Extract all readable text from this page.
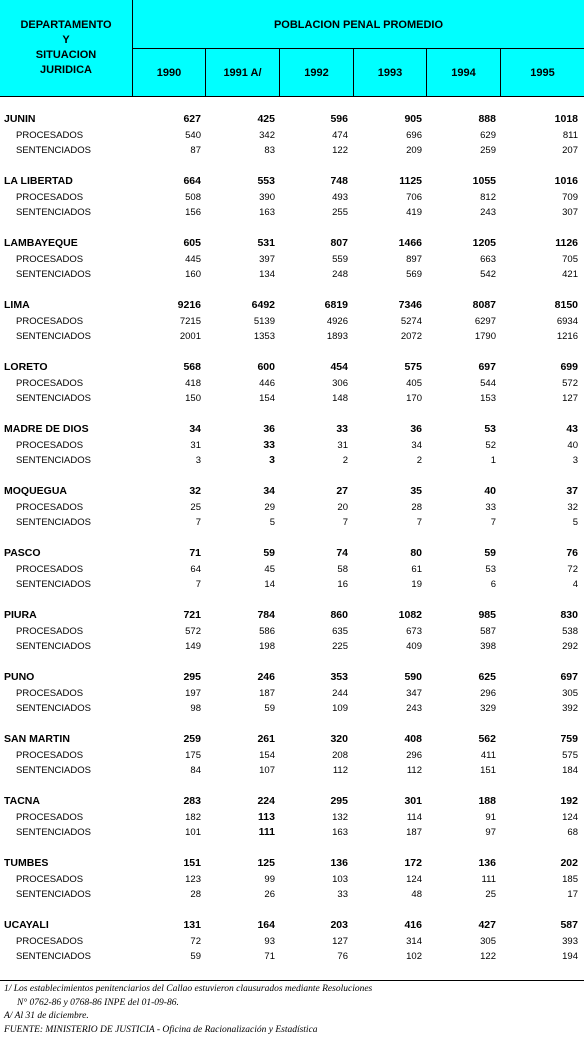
DEPARTAMENTO
Y
SITUACION
JURIDICA
POBLACION PENAL PROMEDIO
1990	1991 A/	1992	1993	1994	1995
JUNIN	627	425	596	905	888	1018
PROCESADOS	540	342	474	696	629	811
SENTENCIADOS	87	83	122	209	259	207
LA LIBERTAD	664	553	748	1125	1055	1016
PROCESADOS	508	390	493	706	812	709
SENTENCIADOS	156	163	255	419	243	307
LAMBAYEQUE	605	531	807	1466	1205	1126
PROCESADOS	445	397	559	897	663	705
SENTENCIADOS	160	134	248	569	542	421
LIMA	9216	6492	6819	7346	8087	8150
PROCESADOS	7215	5139	4926	5274	6297	6934
SENTENCIADOS	2001	1353	1893	2072	1790	1216
LORETO	568	600	454	575	697	699
PROCESADOS	418	446	306	405	544	572
SENTENCIADOS	150	154	148	170	153	127
MADRE DE DIOS	34	36	33	36	53	43
PROCESADOS	31	33	31	34	52	40
SENTENCIADOS	3	3	2	2	1	3
MOQUEGUA	32	34	27	35	40	37
PROCESADOS	25	29	20	28	33	32
SENTENCIADOS	7	5	7	7	7	5
PASCO	71	59	74	80	59	76
PROCESADOS	64	45	58	61	53	72
SENTENCIADOS	7	14	16	19	6	4
PIURA	721	784	860	1082	985	830
PROCESADOS	572	586	635	673	587	538
SENTENCIADOS	149	198	225	409	398	292
PUNO	295	246	353	590	625	697
PROCESADOS	197	187	244	347	296	305
SENTENCIADOS	98	59	109	243	329	392
SAN MARTIN	259	261	320	408	562	759
PROCESADOS	175	154	208	296	411	575
SENTENCIADOS	84	107	112	112	151	184
TACNA	283	224	295	301	188	192
PROCESADOS	182	113	132	114	91	124
SENTENCIADOS	101	111	163	187	97	68
TUMBES	151	125	136	172	136	202
PROCESADOS	123	99	103	124	111	185
SENTENCIADOS	28	26	33	48	25	17
UCAYALI	131	164	203	416	427	587
PROCESADOS	72	93	127	314	305	393
SENTENCIADOS	59	71	76	102	122	194
1/ Los establecimientos penitenciarios del Callao estuvieron clausurados mediante Resoluciones
N° 0762-86 y 0768-86 INPE del 01-09-86.
A/ Al 31 de diciembre.
FUENTE: MINISTERIO DE JUSTICIA - Oficina de Racionalización y Estadística
